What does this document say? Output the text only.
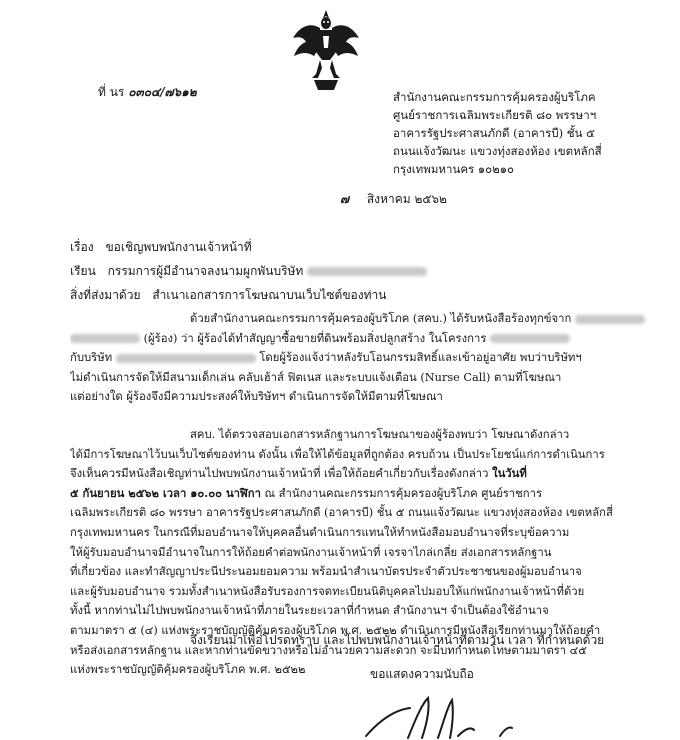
ที่ นร ๐๓๐๔/๗๖๑๒	สำนักงานคณะกรรมการคุ้มครองผู้บริโภค
ศูนย์ราชการเฉลิมพระเกียรติ ๘๐ พรรษาฯ
อาคารรัฐประศาสนภักดี (อาคารบี) ชั้น ๕
ถนนแจ้งวัฒนะ แขวงทุ่งสองห้อง เขตหลักสี่
กรุงเทพมหานคร ๑๐๒๑๐
๗ สิงหาคม ๒๕๖๒
เรื่อง ขอเชิญพบพนักงานเจ้าหน้าที่
เรียน กรรมการผู้มีอำนาจลงนามผูกพันบริษัท
สิ่งที่ส่งมาด้วย สำเนาเอกสารการโฆษณาบนเว็บไซต์ของท่าน
ด้วยสำนักงานคณะกรรมการคุ้มครองผู้บริโภค (สคบ.) ได้รับหนังสือร้องทุกข์จาก
(ผู้ร้อง) ว่า ผู้ร้องได้ทำสัญญาซื้อขายที่ดินพร้อมสิ่งปลูกสร้าง ในโครงการ
กับบริษัท	โดยผู้ร้องแจ้งว่าหลังรับโอนกรรมสิทธิ์และเข้าอยู่อาศัย พบว่าบริษัทฯ
ไม่ดำเนินการจัดให้มีสนามเด็กเล่น คลับเฮ้าส์ ฟิตเนส และระบบแจ้งเตือน (Nurse Call) ตามที่โฆษณา
แต่อย่างใด ผู้ร้องจึงมีความประสงค์ให้บริษัทฯ ดำเนินการจัดให้มีตามที่โฆษณา
สคบ. ได้ตรวจสอบเอกสารหลักฐานการโฆษณาของผู้ร้องพบว่า โฆษณาดังกล่าว
ได้มีการโฆษณาไว้บนเว็บไซต์ของท่าน ดังนั้น เพื่อให้ได้ข้อมูลที่ถูกต้อง ครบถ้วน เป็นประโยชน์แก่การดำเนินการ
จึงเห็นควรมีหนังสือเชิญท่านไปพบพนักงานเจ้าหน้าที่ เพื่อให้ถ้อยคำเกี่ยวกับเรื่องดังกล่าว ในวันที่
๕ กันยายน ๒๕๖๒ เวลา ๑๐.๐๐ นาฬิกา ณ สำนักงานคณะกรรมการคุ้มครองผู้บริโภค ศูนย์ราชการ
เฉลิมพระเกียรติ ๘๐ พรรษา อาคารรัฐประศาสนภักดี (อาคารบี) ชั้น ๕ ถนนแจ้งวัฒนะ แขวงทุ่งสองห้อง เขตหลักสี่
กรุงเทพมหานคร ในกรณีที่มอบอำนาจให้บุคคลอื่นดำเนินการแทนให้ทำหนังสือมอบอำนาจที่ระบุข้อความ
ให้ผู้รับมอบอำนาจมีอำนาจในการให้ถ้อยคำต่อพนักงานเจ้าหน้าที่ เจรจาไกล่เกลี่ย ส่งเอกสารหลักฐาน
ที่เกี่ยวข้อง และทำสัญญาประนีประนอมยอมความ พร้อมนำสำเนาบัตรประจำตัวประชาชนของผู้มอบอำนาจ
และผู้รับมอบอำนาจ รวมทั้งสำเนาหนังสือรับรองการจดทะเบียนนิติบุคคลไปมอบให้แก่พนักงานเจ้าหน้าที่ด้วย
ทั้งนี้ หากท่านไม่ไปพบพนักงานเจ้าหน้าที่ภายในระยะเวลาที่กำหนด สำนักงานฯ จำเป็นต้องใช้อำนาจ
ตามมาตรา ๕ (๔) แห่งพระราชบัญญัติคุ้มครองผู้บริโภค พ.ศ. ๒๕๒๒ ดำเนินการมีหนังสือเรียกท่านมาให้ถ้อยคำ
หรือส่งเอกสารหลักฐาน และหากท่านขัดขวางหรือไม่อำนวยความสะดวก จะมีบทกำหนดโทษตามมาตรา ๔๕
แห่งพระราชบัญญัติคุ้มครองผู้บริโภค พ.ศ. ๒๕๒๒
จึงเรียนมาเพื่อโปรดทราบ และไปพบพนักงานเจ้าหน้าที่ตามวัน เวลา ที่กำหนดด้วย
ขอแสดงความนับถือ
